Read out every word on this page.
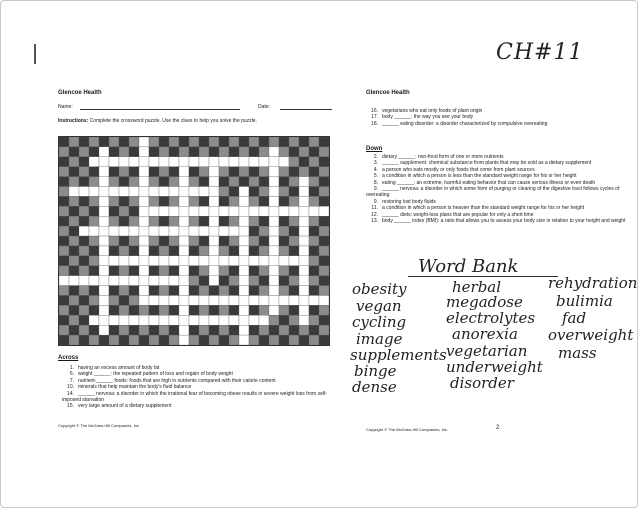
CH#11
Glencoe Health
Name:	Date:
Instructions: Complete the crossword puzzle. Use the clues to help you solve the puzzle.
Across
1. having an excess amount of body fat
6. weight ______: the repeated pattern of loss and regain of body weight
7. nutrient-______ foods: foods that are high in nutrients compared with their calorie content
10. minerals that help maintain the body's fluid balance
14. ______ nervosa: a disorder in which the irrational fear of becoming obese results in severe weight loss from self-imposed starvation
15. very large amount of a dietary supplement
Copyright © The McGraw-Hill Companies, Inc.
Glencoe Health
16. vegetarians who eat only foods of plant origin
17. body ______: the way you see your body
18. ______ eating disorder: a disorder characterized by compulsive overeating
Down
2. dietary ______: non-food form of one or more nutrients
3. ______ supplement: chemical substance from plants that may be sold as a dietary supplement
4. a person who eats mostly or only foods that come from plant sources
5. a condition in which a person is less than the standard weight range for his or her height
8. eating ______: an extreme, harmful eating behavior that can cause serious illness or even death
9. ______ nervosa: a disorder in which some form of purging or clearing of the digestive tract follows cycles of overeating
9. restoring lost body fluids
11. a condition in which a person is heavier than the standard weight range for his or her height
12. ______ diets: weight-loss plans that are popular for only a short time
13. body ______ index (BMI): a ratio that allows you to assess your body size in relation to your height and weight
Word Bank
obesity	herbal	rehydration
vegan	megadose bulimia
cycling	electrolytes fad
image	anorexia overweight
supplements vegetarian mass
binge	underweight
dense	disorder
Copyright © The McGraw-Hill Companies, Inc.	2
